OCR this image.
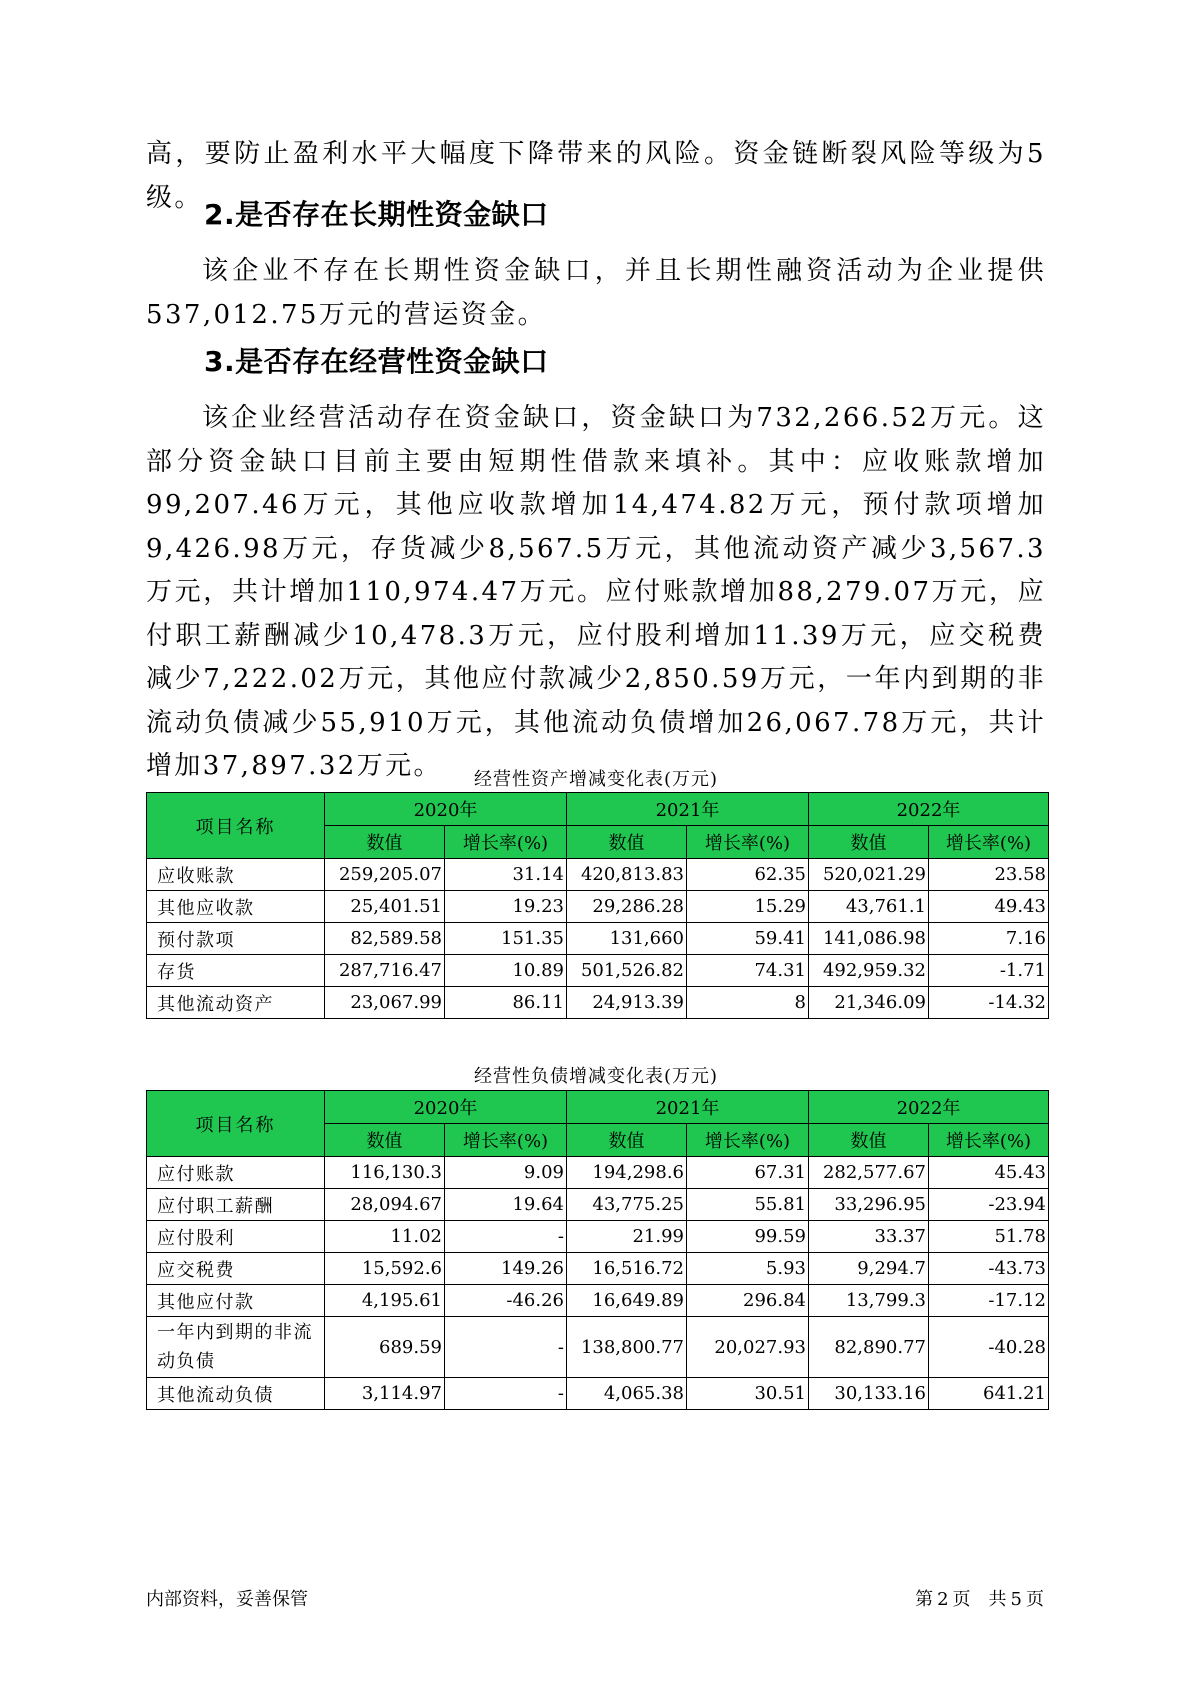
高，要防止盈利水平大幅度下降带来的风险。资金链断裂风险等级为5级。

2.是否存在长期性资金缺口

该企业不存在长期性资金缺口，并且长期性融资活动为企业提供537,012.75万元的营运资金。

3.是否存在经营性资金缺口

该企业经营活动存在资金缺口，资金缺口为732,266.52万元。这部分资金缺口目前主要由短期性借款来填补。其中：应收账款增加99,207.46万元，其他应收款增加14,474.82万元，预付款项增加9,426.98万元，存货减少8,567.5万元，其他流动资产减少3,567.3万元，共计增加110,974.47万元。应付账款增加88,279.07万元，应付职工薪酬减少10,478.3万元，应付股利增加11.39万元，应交税费减少7,222.02万元，其他应付款减少2,850.59万元，一年内到期的非流动负债减少55,910万元，其他流动负债增加26,067.78万元，共计增加37,897.32万元。	经营性资产增减变化表(万元)
项目名称	2020年		2021年		2022年	
	数值	增长率(%)	数值	增长率(%)	数值	增长率(%)
应收账款	259,205.07	31.14	420,813.83	62.35	520,021.29	23.58
其他应收款	25,401.51	19.23	29,286.28	15.29	43,761.1	49.43
预付款项	82,589.58	151.35	131,660	59.41	141,086.98	7.16
存货	287,716.47	10.89	501,526.82	74.31	492,959.32	-1.71
其他流动资产	23,067.99	86.11	24,913.39	8	21,346.09	-14.32
经营性负债增减变化表(万元)
项目名称	2020年		2021年		2022年	
	数值	增长率(%)	数值	增长率(%)	数值	增长率(%)
应付账款	116,130.3	9.09	194,298.6	67.31	282,577.67	45.43
应付职工薪酬	28,094.67	19.64	43,775.25	55.81	33,296.95	-23.94
应付股利	11.02	-	21.99	99.59	33.37	51.78
应交税费	15,592.6	149.26	16,516.72	5.93	9,294.7	-43.73
其他应付款	4,195.61	-46.26	16,649.89	296.84	13,799.3	-17.12
一年内到期的非流动负债	689.59	-	138,800.77	20,027.93	82,890.77	-40.28
其他流动负债	3,114.97	-	4,065.38	30.51	30,133.16	641.21
内部资料，妥善保管	第 2 页　共 5 页
